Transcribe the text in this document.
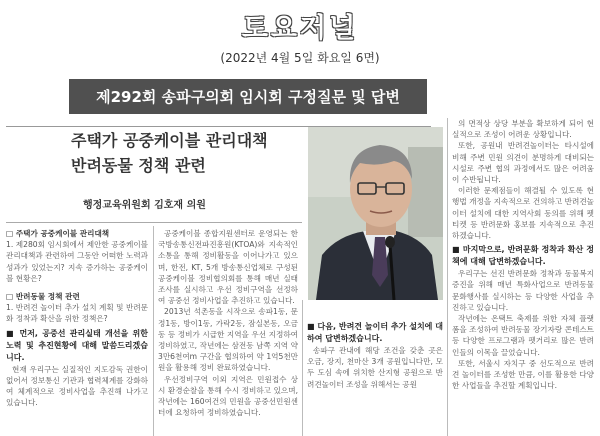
토요저널
(2022년 4월 5일 화요일 6면)
제292회 송파구의회 임시회 구정질문 및 답변
주택가 공중케이블 관리대책
반려동물 정책 관련
행정교육위원회 김호재 의원

□ 주택가 공중케이블 관리대책

1. 제280회 임시회에서 제안한 공중케이블 관리대책과 관련하여 그동안 어떠한 노력과 성과가 있었는지? 지속 증가하는 공중케이블 현황은?

□ 반려동물 정책 관련

1. 반려견 놀이터 추가 설치 계획 및 반려문화 정착과 확산을 위한 정책은?

■ 먼저, 공중선 관리실태 개선을 위한 노력 및 추진현황에 대해 말씀드리겠습니다.

현재 우리구는 실질적인 지도감독 권한이 없어서 정보통신 기관과 협력체계를 강화하여 체계적으로 정비사업을 추진해 나가고 있습니다.

공중케이블 종합지원센터로 운영되는 한국방송통신전파진흥원(KTOA)와 지속적인 소통을 통해 정비활동을 이어나가고 있으며, 한전, KT, 5개 방송통신업체로 구성된 공중케이블 정비협의회를 통해 매년 실태조사를 실시하고 우선 정비구역을 선정하여 공중선 정비사업을 추진하고 있습니다.

2013년 석촌동을 시작으로 송파1동, 문정1동, 방이1동, 가락2동, 잠실본동, 오금동 등 정비가 시급한 지역을 우선 지정하여 정비하였고, 작년에는 삼전동 남쪽 지역 약 3만6천여m 구간을 협의하여 약 1억5천만원을 활용해 정비 완료하였습니다.

우선정비구역 이외 지역은 민원접수 상시 환경순찰을 통해 수시 정비하고 있으며, 작년에는 160여건의 민원을 공중선민원센터에 요청하여 정비하였습니다.

■ 다음, 반려견 놀이터 추가 설치에 대하여 답변하겠습니다.

송파구 관내에 해당 조건을 갖춘 곳은 오금, 장지, 천마산 3개 공원입니다만, 모두 도심 속에 위치한 산지형 공원으로 반려견놀이터 조성을 위해서는 공원

의 면적상 상당 부분을 확보하게 되어 현실적으로 조성이 어려운 상황입니다.

또한, 공원내 반려견놀이터는 타시설에 비해 주변 민원 의견이 분명하게 대비되는 시설로 주변 협의 과정에서도 많은 어려움이 수반됩니다.

이러한 문제점들이 해결될 수 있도록 현행법 개정을 지속적으로 건의하고 반려견놀이터 설치에 대한 지역사회 동의를 위해 펫티켓 등 반려문화 홍보를 지속적으로 추진하겠습니다.

■ 마지막으로, 반려문화 정착과 확산 정책에 대해 답변하겠습니다.

우리구는 선진 반려문화 정착과 동물복지 증진을 위해 매년 특화사업으로 반려동물 문화행사를 실시하는 등 다양한 사업을 추진하고 있습니다.

작년에는 온택트 축제를 위한 자체 플랫폼을 조성하여 반려동물 장기자랑 콘테스트 등 다양한 프로그램과 펫거리로 많은 반려인들의 이목을 끌었습니다.

또한, 서울시 자치구 중 선도적으로 반려견 놀이터를 조성한 만큼, 이를 활용한 다양한 사업들을 추진할 계획입니다.
